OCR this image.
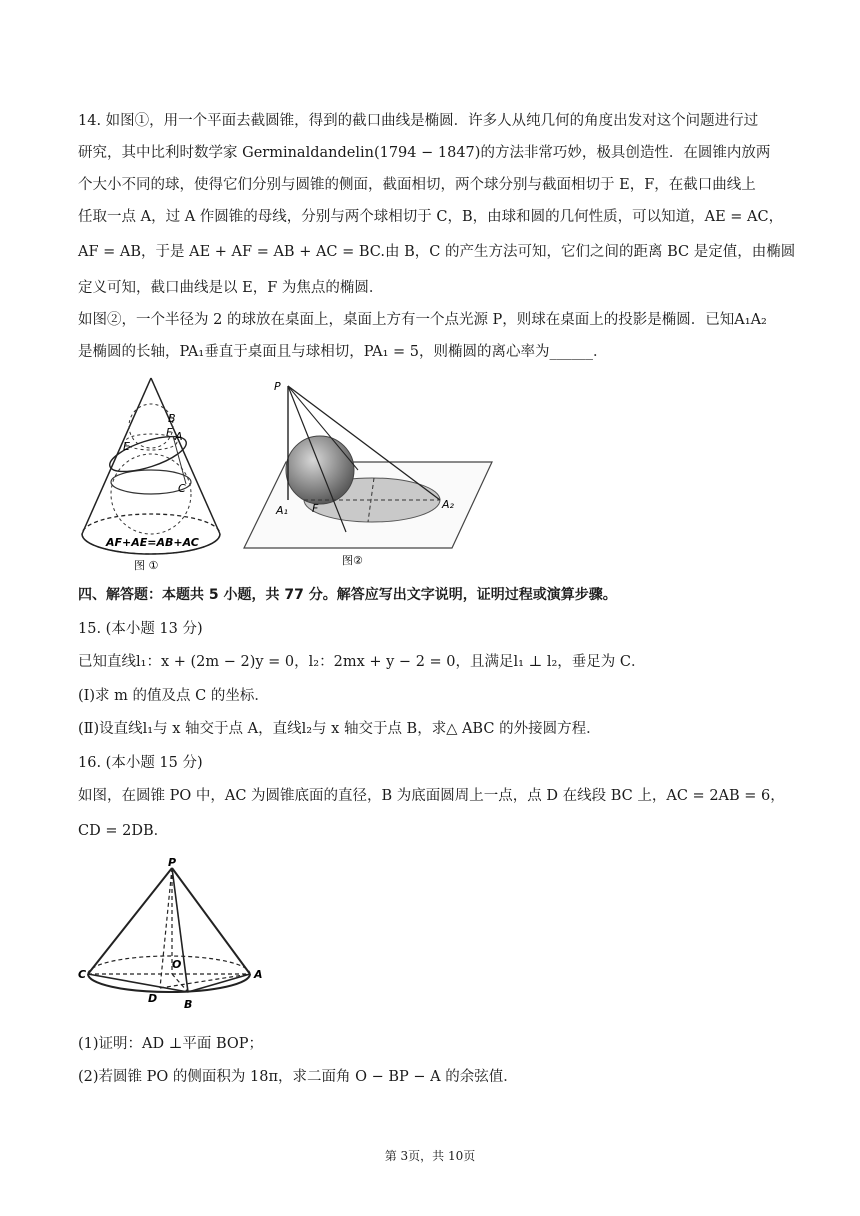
14. 如图①，用一个平面去截圆锥，得到的截口曲线是椭圆．许多人从纯几何的角度出发对这个问题进行过
研究，其中比利时数学家 Germinaldandelin(1794 − 1847)的方法非常巧妙，极具创造性．在圆锥内放两
个大小不同的球，使得它们分别与圆锥的侧面，截面相切，两个球分别与截面相切于 E，F，在截口曲线上
任取一点 A，过 A 作圆锥的母线，分别与两个球相切于 C，B，由球和圆的几何性质，可以知道，AE = AC，
AF = AB，于是 AE + AF = AB + AC = BC.由 B，C 的产生方法可知，它们之间的距离 BC 是定值，由椭圆
定义可知，截口曲线是以 E，F 为焦点的椭圆．
如图②，一个半径为 2 的球放在桌面上，桌面上方有一个点光源 P，则球在桌面上的投影是椭圆．已知A₁A₂
是椭圆的长轴，PA₁垂直于桌面且与球相切，PA₁ = 5，则椭圆的离心率为______．
B
F A
E
C
AF+AE=AB+AC
图 ①
P
A₁ F	A₂
图②
四、解答题：本题共 5 小题，共 77 分。解答应写出文字说明，证明过程或演算步骤。
15. (本小题 13 分)
已知直线l₁：x + (2m − 2)y = 0，l₂：2mx + y − 2 = 0，且满足l₁ ⊥ l₂，垂足为 C．
(Ⅰ)求 m 的值及点 C 的坐标．
(Ⅱ)设直线l₁与 x 轴交于点 A，直线l₂与 x 轴交于点 B，求△ ABC 的外接圆方程．
16. (本小题 15 分)
如图，在圆锥 PO 中，AC 为圆锥底面的直径，B 为底面圆周上一点，点 D 在线段 BC 上，AC = 2AB = 6，
CD = 2DB．
P
C
O
A
D B
(1)证明：AD ⊥平面 BOP；
(2)若圆锥 PO 的侧面积为 18π，求二面角 O − BP − A 的余弦值．
第 3页，共 10页
